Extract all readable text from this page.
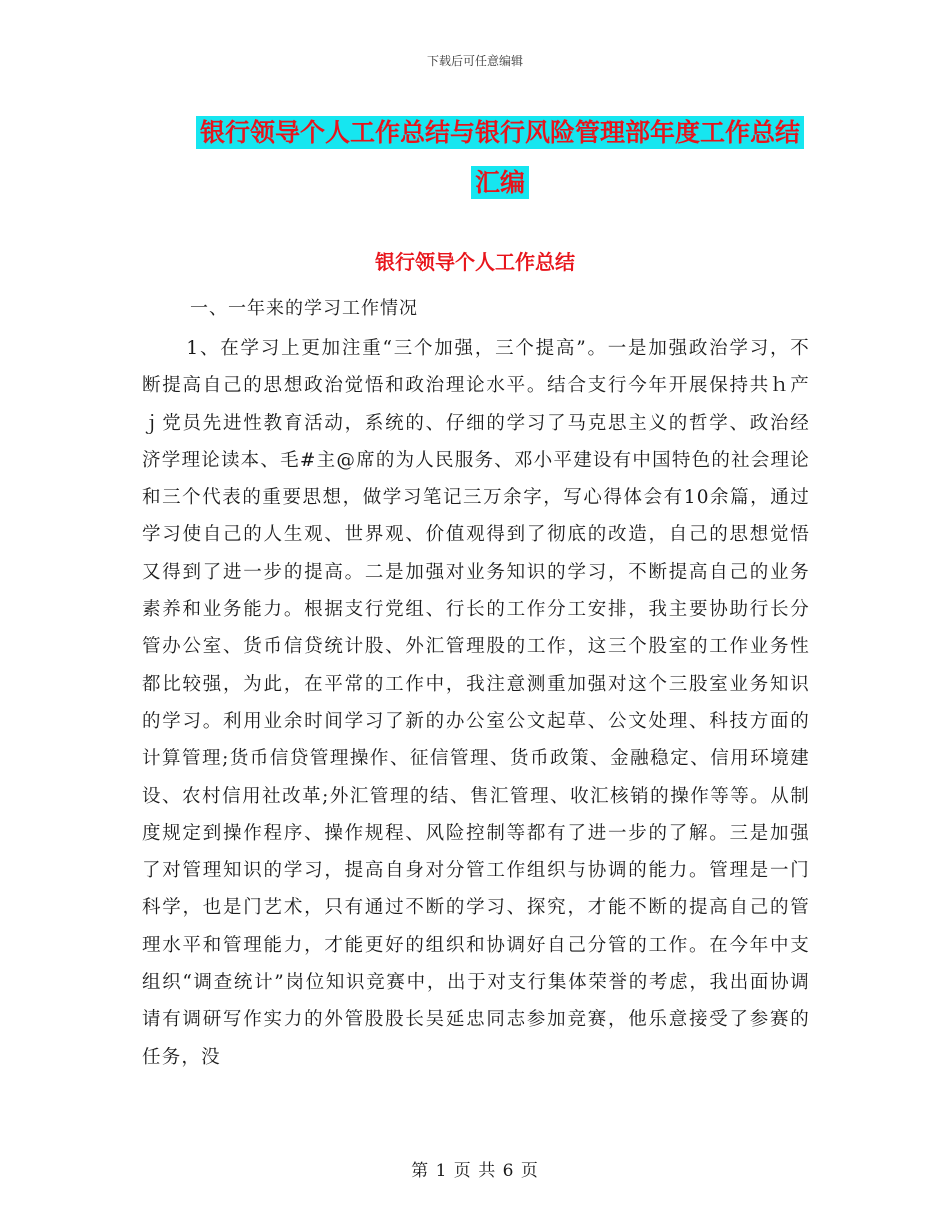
下载后可任意编辑
银行领导个人工作总结与银行风险管理部年度工作总结汇编
银行领导个人工作总结
一、一年来的学习工作情况

1、在学习上更加注重“三个加强，三个提高”。一是加强政治学习，不断提高自己的思想政治觉悟和政治理论水平。结合支行今年开展保持共ｈ产ｊ党员先进性教育活动，系统的、仔细的学习了马克思主义的哲学、政治经济学理论读本、毛#主@席的为人民服务、邓小平建设有中国特色的社会理论和三个代表的重要思想，做学习笔记三万余字，写心得体会有10余篇，通过学习使自己的人生观、世界观、价值观得到了彻底的改造，自己的思想觉悟又得到了进一步的提高。二是加强对业务知识的学习，不断提高自己的业务素养和业务能力。根据支行党组、行长的工作分工安排，我主要协助行长分管办公室、货币信贷统计股、外汇管理股的工作，这三个股室的工作业务性都比较强，为此，在平常的工作中，我注意测重加强对这个三股室业务知识的学习。利用业余时间学习了新的办公室公文起草、公文处理、科技方面的计算管理;货币信贷管理操作、征信管理、货币政策、金融稳定、信用环境建设、农村信用社改革;外汇管理的结、售汇管理、收汇核销的操作等等。从制度规定到操作程序、操作规程、风险控制等都有了进一步的了解。三是加强了对管理知识的学习，提高自身对分管工作组织与协调的能力。管理是一门科学，也是门艺术，只有通过不断的学习、探究，才能不断的提高自己的管理水平和管理能力，才能更好的组织和协调好自己分管的工作。在今年中支组织“调查统计”岗位知识竞赛中，出于对支行集体荣誉的考虑，我出面协调请有调研写作实力的外管股股长吴延忠同志参加竞赛，他乐意接受了参赛的任务，没

第 1 页 共 6 页
